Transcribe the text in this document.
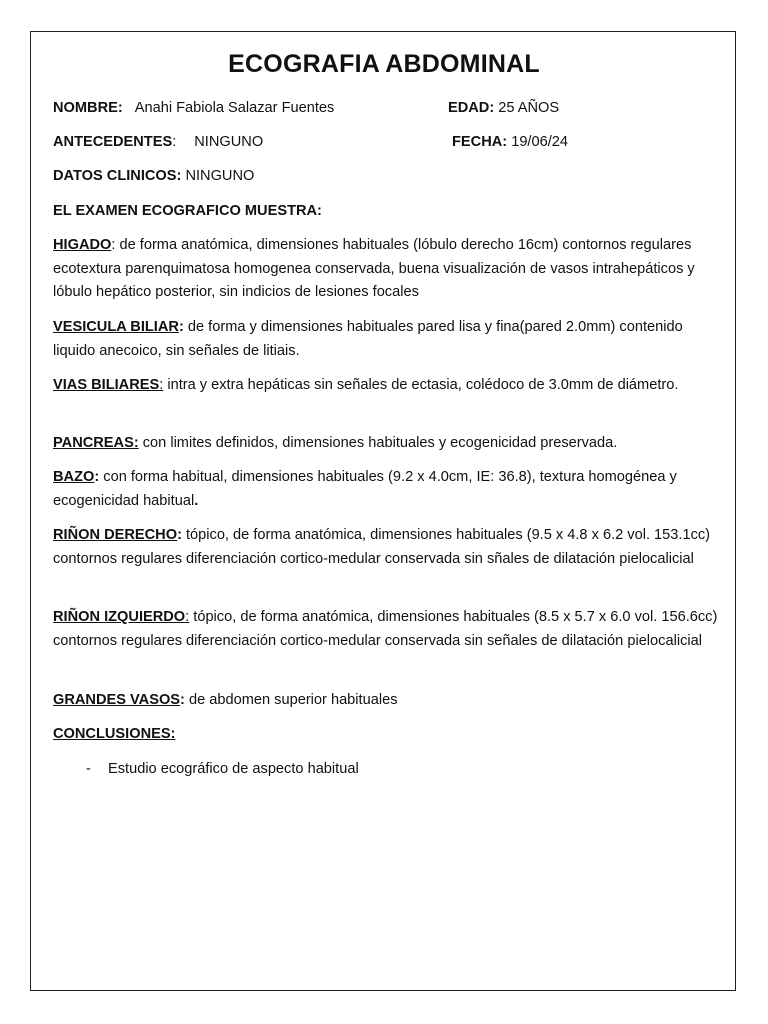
ECOGRAFIA ABDOMINAL
NOMBRE: Anahi Fabiola Salazar Fuentes	EDAD: 25 AÑOS
ANTECEDENTES: NINGUNO	FECHA: 19/06/24
DATOS CLINICOS: NINGUNO
EL EXAMEN ECOGRAFICO MUESTRA:
HIGADO: de forma anatómica, dimensiones habituales (lóbulo derecho 16cm) contornos regulares ecotextura parenquimatosa homogenea conservada, buena visualización de vasos intrahepáticos y lóbulo hepático posterior, sin indicios de lesiones focales
VESICULA BILIAR: de forma y dimensiones habituales pared lisa y fina(pared 2.0mm) contenido liquido anecoico, sin señales de litiais.
VIAS BILIARES: intra y extra hepáticas sin señales de ectasia, colédoco de 3.0mm de diámetro.
PANCREAS: con limites definidos, dimensiones habituales y ecogenicidad preservada.
BAZO: con forma habitual, dimensiones habituales (9.2 x 4.0cm, IE: 36.8), textura homogénea y ecogenicidad habitual.
RIÑON DERECHO: tópico, de forma anatómica, dimensiones habituales (9.5 x 4.8 x 6.2 vol. 153.1cc) contornos regulares diferenciación cortico-medular conservada sin sñales de dilatación pielocalicial
RIÑON IZQUIERDO: tópico, de forma anatómica, dimensiones habituales (8.5 x 5.7 x 6.0 vol. 156.6cc) contornos regulares diferenciación cortico-medular conservada sin señales de dilatación pielocalicial
GRANDES VASOS: de abdomen superior habituales
CONCLUSIONES:
- Estudio ecográfico de aspecto habitual
